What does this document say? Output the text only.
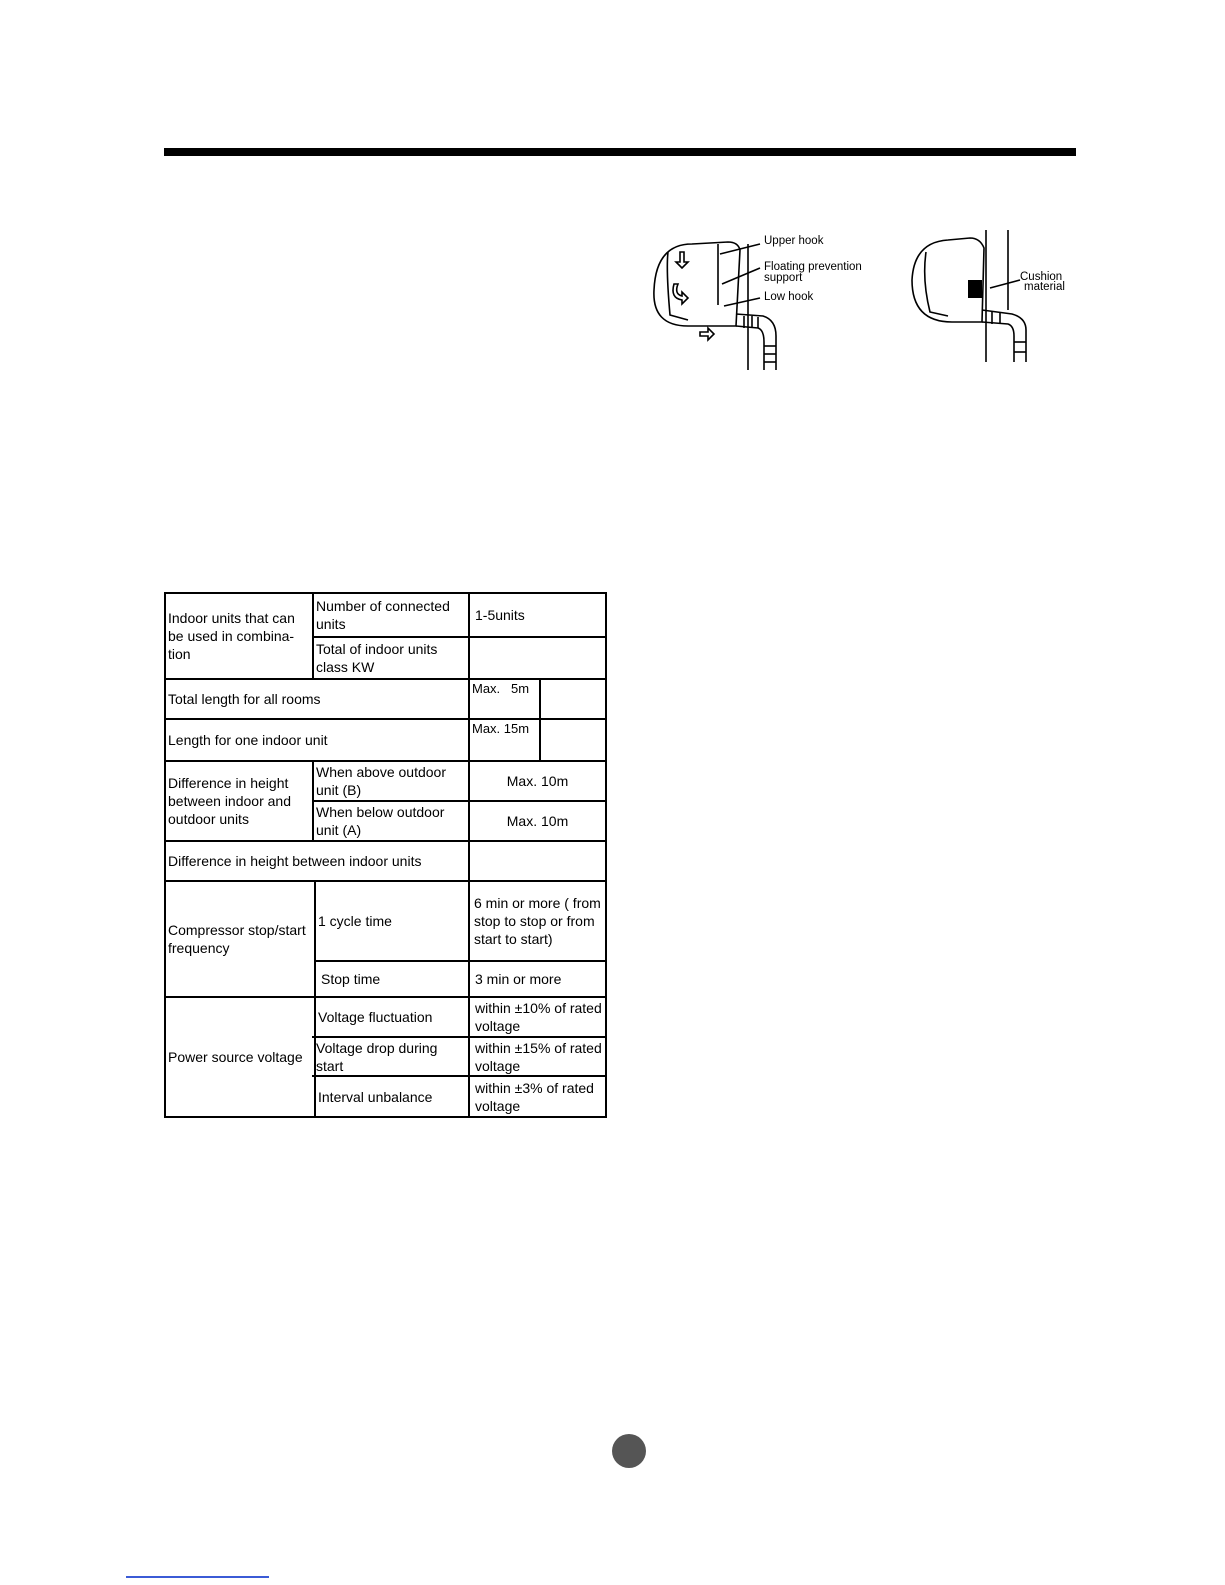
Upper hook
Floating prevention
support
Low hook
Cushion
material
Indoor units that can be used in combina-tion
Number of connected units
1-5units
Total of indoor units class KW
Total length for all rooms
Max.   5m
Length for one indoor unit
Max. 15m
Difference in height between indoor and outdoor units
When above outdoor unit (B)
Max. 10m
When below outdoor unit (A)
Max. 10m
Difference in height between indoor units
Compressor stop/start frequency
1 cycle time
6 min or more ( from stop to stop or from start to start)
Stop time	3 min or more
Power source voltage
Voltage fluctuation
within ±10% of rated voltage
Voltage drop during start
within ±15% of rated voltage
Interval unbalance
within ±3% of rated voltage
